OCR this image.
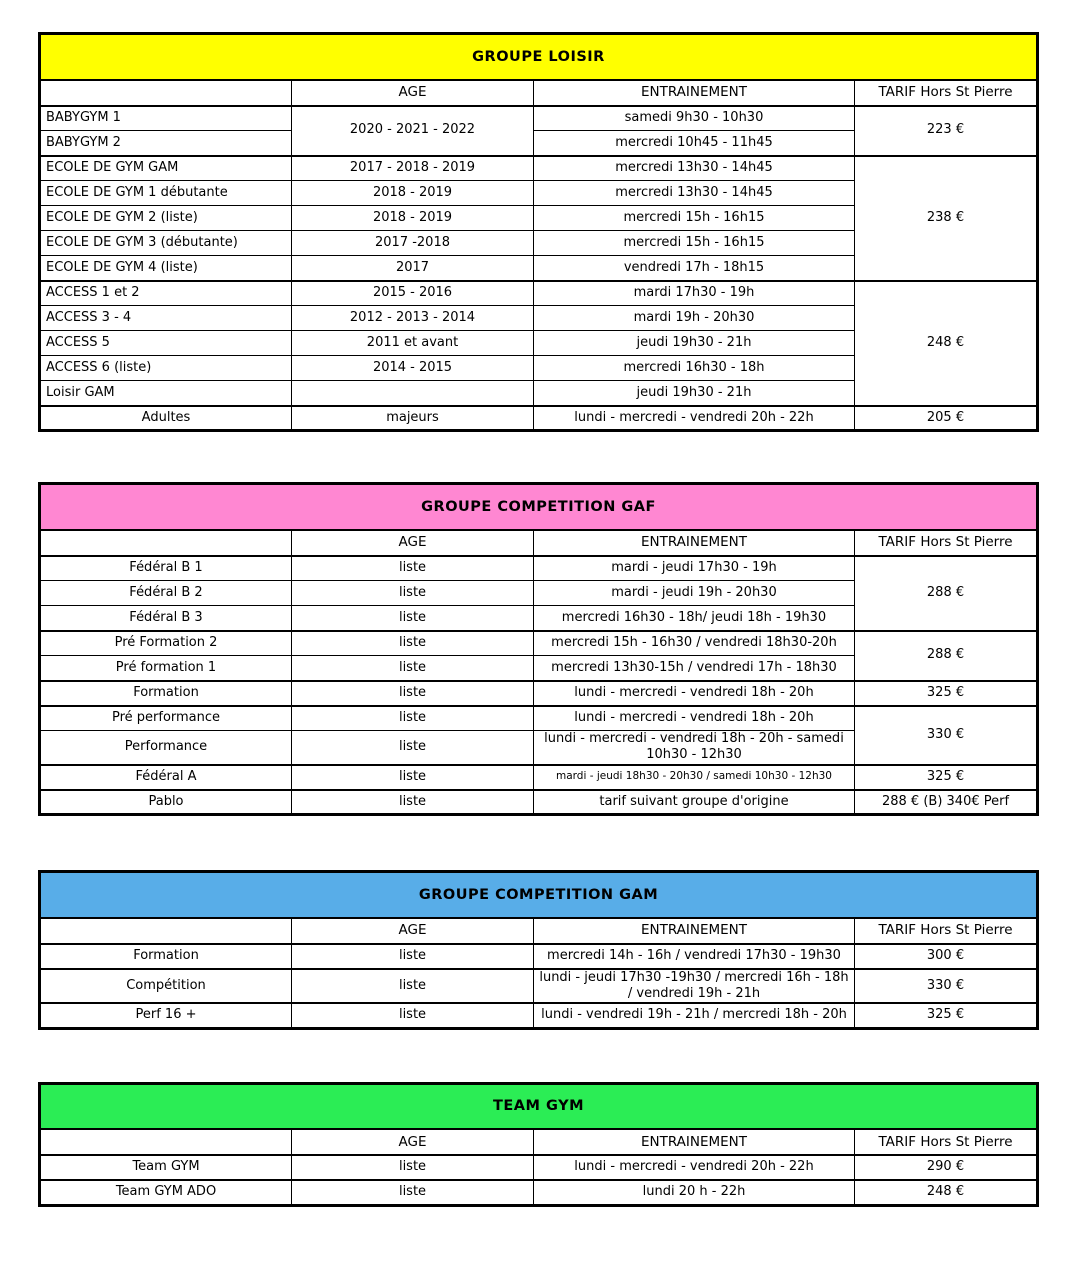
GROUPE LOISIR			
	AGE	ENTRAINEMENT	TARIF Hors St Pierre
BABYGYM 1	2020 - 2021 - 2022	samedi 9h30 - 10h30	223 €
BABYGYM 2		mercredi 10h45 - 11h45	
ECOLE DE GYM GAM	2017 - 2018 - 2019	mercredi 13h30 - 14h45	238 €
ECOLE DE GYM 1 débutante	2018 - 2019	mercredi 13h30 - 14h45	
ECOLE DE GYM 2 (liste)	2018 - 2019	mercredi 15h - 16h15	
ECOLE DE GYM 3 (débutante)	2017 -2018	mercredi 15h - 16h15	
ECOLE DE GYM 4 (liste)	2017	vendredi 17h - 18h15	
ACCESS 1 et 2	2015 - 2016	mardi 17h30 - 19h	248 €
ACCESS 3 - 4	2012 - 2013 - 2014	mardi 19h - 20h30	
ACCESS 5	2011 et avant	jeudi 19h30 - 21h	
ACCESS 6 (liste)	2014 - 2015	mercredi 16h30 - 18h	
Loisir GAM		jeudi 19h30 - 21h	
Adultes	majeurs	lundi - mercredi - vendredi 20h - 22h	205 €
GROUPE COMPETITION GAF			
	AGE	ENTRAINEMENT	TARIF Hors St Pierre
Fédéral B 1	liste	mardi - jeudi 17h30 - 19h	288 €
Fédéral B 2	liste	mardi - jeudi 19h - 20h30	
Fédéral B 3	liste	mercredi 16h30 - 18h/ jeudi 18h - 19h30	
Pré Formation 2	liste	mercredi 15h - 16h30 / vendredi 18h30-20h	288 €
Pré formation 1	liste	mercredi 13h30-15h / vendredi 17h - 18h30	
Formation	liste	lundi - mercredi - vendredi 18h - 20h	325 €
Pré performance	liste	lundi - mercredi - vendredi 18h - 20h	330 €
Performance	liste	lundi - mercredi - vendredi 18h - 20h - samedi 10h30 - 12h30	
Fédéral A	liste	mardi - jeudi 18h30 - 20h30 / samedi 10h30 - 12h30	325 €
Pablo	liste	tarif suivant groupe d'origine	288 € (B) 340€ Perf
GROUPE COMPETITION GAM			
	AGE	ENTRAINEMENT	TARIF Hors St Pierre
Formation	liste	mercredi 14h - 16h / vendredi 17h30 - 19h30	300 €
Compétition	liste	lundi - jeudi 17h30 -19h30 / mercredi 16h - 18h / vendredi 19h - 21h	330 €
Perf 16 +	liste	lundi - vendredi 19h - 21h / mercredi 18h - 20h	325 €
TEAM GYM			
	AGE	ENTRAINEMENT	TARIF Hors St Pierre
Team GYM	liste	lundi - mercredi - vendredi 20h - 22h	290 €
Team GYM ADO	liste	lundi 20 h - 22h	248 €
